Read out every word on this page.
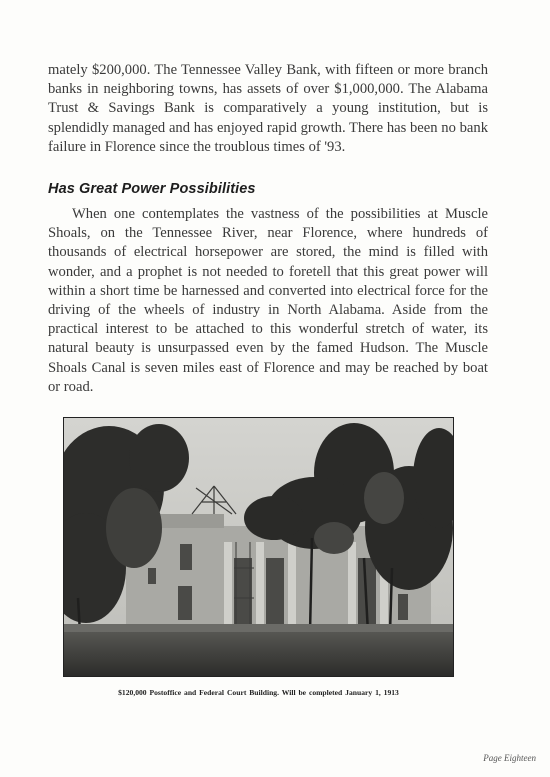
mately $200,000. The Tennessee Valley Bank, with fifteen or more branch banks in neighboring towns, has assets of over $1,000,000. The Alabama Trust & Savings Bank is comparatively a young institution, but is splendidly managed and has enjoyed rapid growth. There has been no bank failure in Florence since the troublous times of '93.

Has Great Power Possibilities

When one contemplates the vastness of the possibilities at Muscle Shoals, on the Tennessee River, near Florence, where hundreds of thousands of electrical horsepower are stored, the mind is filled with wonder, and a prophet is not needed to foretell that this great power will within a short time be harnessed and converted into electrical force for the driving of the wheels of industry in North Alabama. Aside from the practical interest to be attached to this wonderful stretch of water, its natural beauty is unsurpassed even by the famed Hudson. The Muscle Shoals Canal is seven miles east of Florence and may be reached by boat or road.

$120,000 Postoffice and Federal Court Building. Will be completed January 1, 1913
Page Eighteen
